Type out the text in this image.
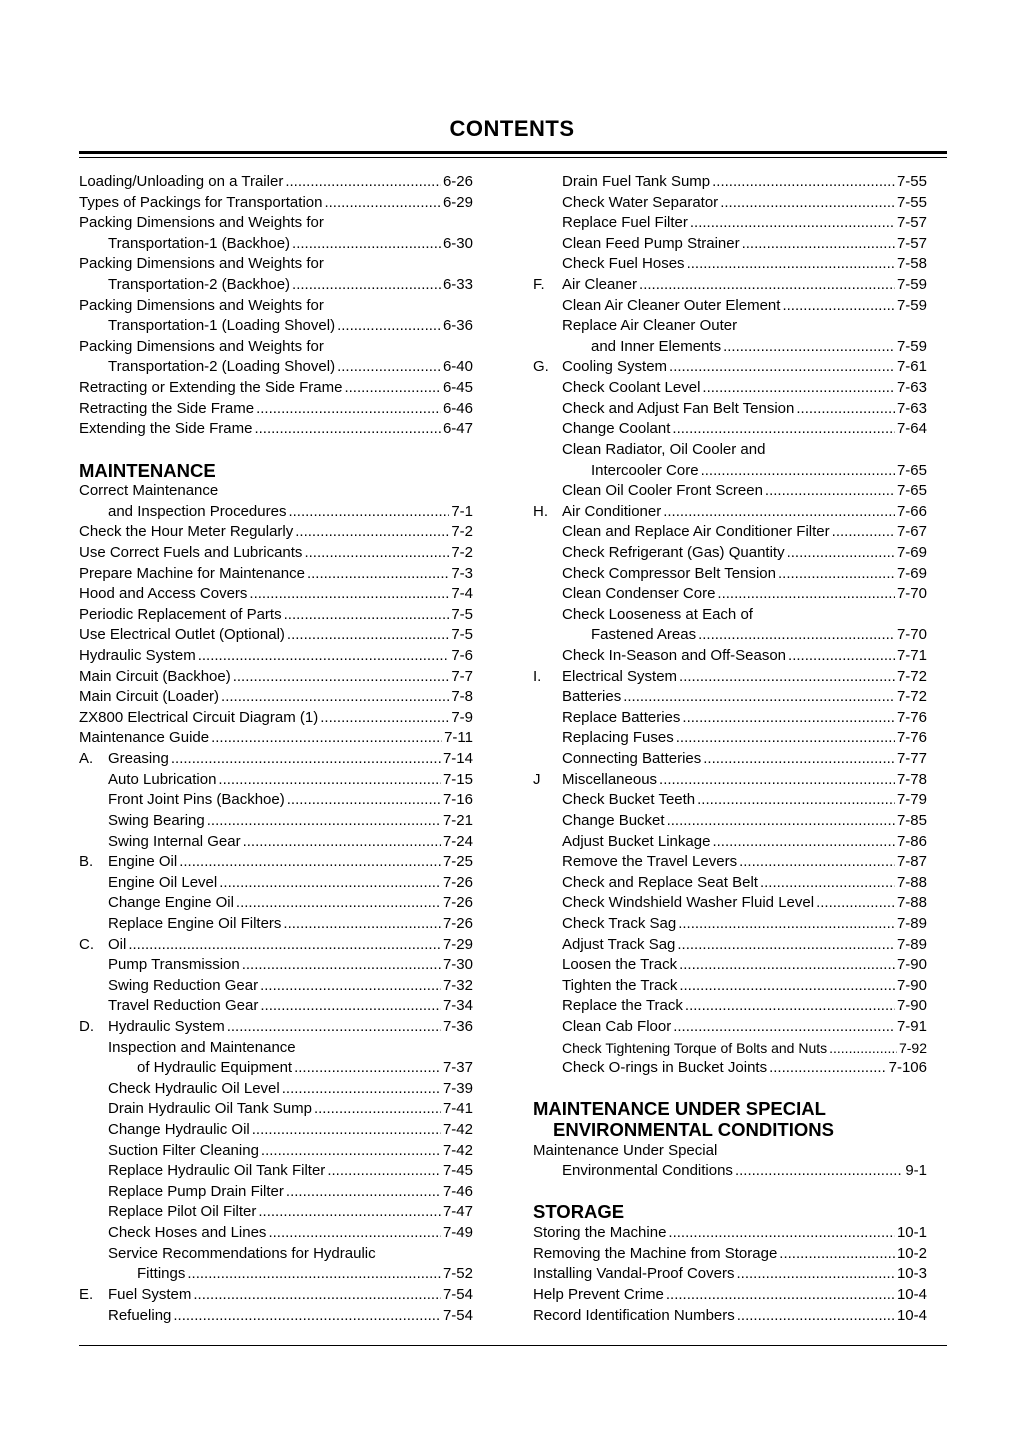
CONTENTS
Loading/Unloading on a Trailer .....	6-26
Types of Packings for Transportation .....	6-29
Packing Dimensions and Weights for
Transportation-1 (Backhoe) .....	6-30
Packing Dimensions and Weights for
Transportation-2 (Backhoe) .....	6-33
Packing Dimensions and Weights for
Transportation-1 (Loading Shovel) .....	6-36
Packing Dimensions and Weights for
Transportation-2 (Loading Shovel) .....	6-40
Retracting or Extending the Side Frame .....	6-45
Retracting the Side Frame .....	6-46
Extending the Side Frame .....	6-47
MAINTENANCE
Correct Maintenance
and Inspection Procedures .....	7-1
Check the Hour Meter Regularly .....	7-2
Use Correct Fuels and Lubricants .....	7-2
Prepare Machine for Maintenance .....	7-3
Hood and Access Covers .....	7-4
Periodic Replacement of Parts .....	7-5
Use Electrical Outlet (Optional) .....	7-5
Hydraulic System .....	7-6
Main Circuit (Backhoe) .....	7-7
Main Circuit (Loader) .....	7-8
ZX800 Electrical Circuit Diagram (1) .....	7-9
Maintenance Guide .....	7-11
A. Greasing .....	7-14
Auto Lubrication .....	7-15
Front Joint Pins (Backhoe) .....	7-16
Swing Bearing .....	7-21
Swing Internal Gear .....	7-24
B. Engine Oil .....	7-25
Engine Oil Level .....	7-26
Change Engine Oil .....	7-26
Replace Engine Oil Filters .....	7-26
C. Oil .....	7-29
Pump Transmission .....	7-30
Swing Reduction Gear .....	7-32
Travel Reduction Gear .....	7-34
D. Hydraulic System .....	7-36
Inspection and Maintenance
of Hydraulic Equipment .....	7-37
Check Hydraulic Oil Level .....	7-39
Drain Hydraulic Oil Tank Sump .....	7-41
Change Hydraulic Oil .....	7-42
Suction Filter Cleaning .....	7-42
Replace Hydraulic Oil Tank Filter .....	7-45
Replace Pump Drain Filter .....	7-46
Replace Pilot Oil Filter .....	7-47
Check Hoses and Lines .....	7-49
Service Recommendations for Hydraulic
Fittings .....	7-52
E. Fuel System .....	7-54
Refueling .....	7-54
Drain Fuel Tank Sump .....	7-55
Check Water Separator .....	7-55
Replace Fuel Filter .....	7-57
Clean Feed Pump Strainer .....	7-57
Check Fuel Hoses .....	7-58
F. Air Cleaner .....	7-59
Clean Air Cleaner Outer Element .....	7-59
Replace Air Cleaner Outer
and Inner Elements .....	7-59
G. Cooling System .....	7-61
Check Coolant Level .....	7-63
Check and Adjust Fan Belt Tension .....	7-63
Change Coolant .....	7-64
Clean Radiator, Oil Cooler and
Intercooler Core .....	7-65
Clean Oil Cooler Front Screen .....	7-65
H. Air Conditioner .....	7-66
Clean and Replace Air Conditioner Filter .....	7-67
Check Refrigerant (Gas) Quantity .....	7-69
Check Compressor Belt Tension .....	7-69
Clean Condenser Core .....	7-70
Check Looseness at Each of
Fastened Areas .....	7-70
Check In-Season and Off-Season .....	7-71
I. Electrical System .....	7-72
Batteries .....	7-72
Replace Batteries .....	7-76
Replacing Fuses .....	7-76
Connecting Batteries .....	7-77
J Miscellaneous .....	7-78
Check Bucket Teeth .....	7-79
Change Bucket .....	7-85
Adjust Bucket Linkage .....	7-86
Remove the Travel Levers .....	7-87
Check and Replace Seat Belt .....	7-88
Check Windshield Washer Fluid Level .....	7-88
Check Track Sag .....	7-89
Adjust Track Sag .....	7-89
Loosen the Track .....	7-90
Tighten the Track .....	7-90
Replace the Track .....	7-90
Clean Cab Floor .....	7-91
Check Tightening Torque of Bolts and Nuts .....	7-92
Check O-rings in Bucket Joints .....	7-106
MAINTENANCE UNDER SPECIAL
ENVIRONMENTAL CONDITIONS
Maintenance Under Special
Environmental Conditions .....	9-1
STORAGE
Storing the Machine .....	10-1
Removing the Machine from Storage .....	10-2
Installing Vandal-Proof Covers .....	10-3
Help Prevent Crime .....	10-4
Record Identification Numbers .....	10-4
